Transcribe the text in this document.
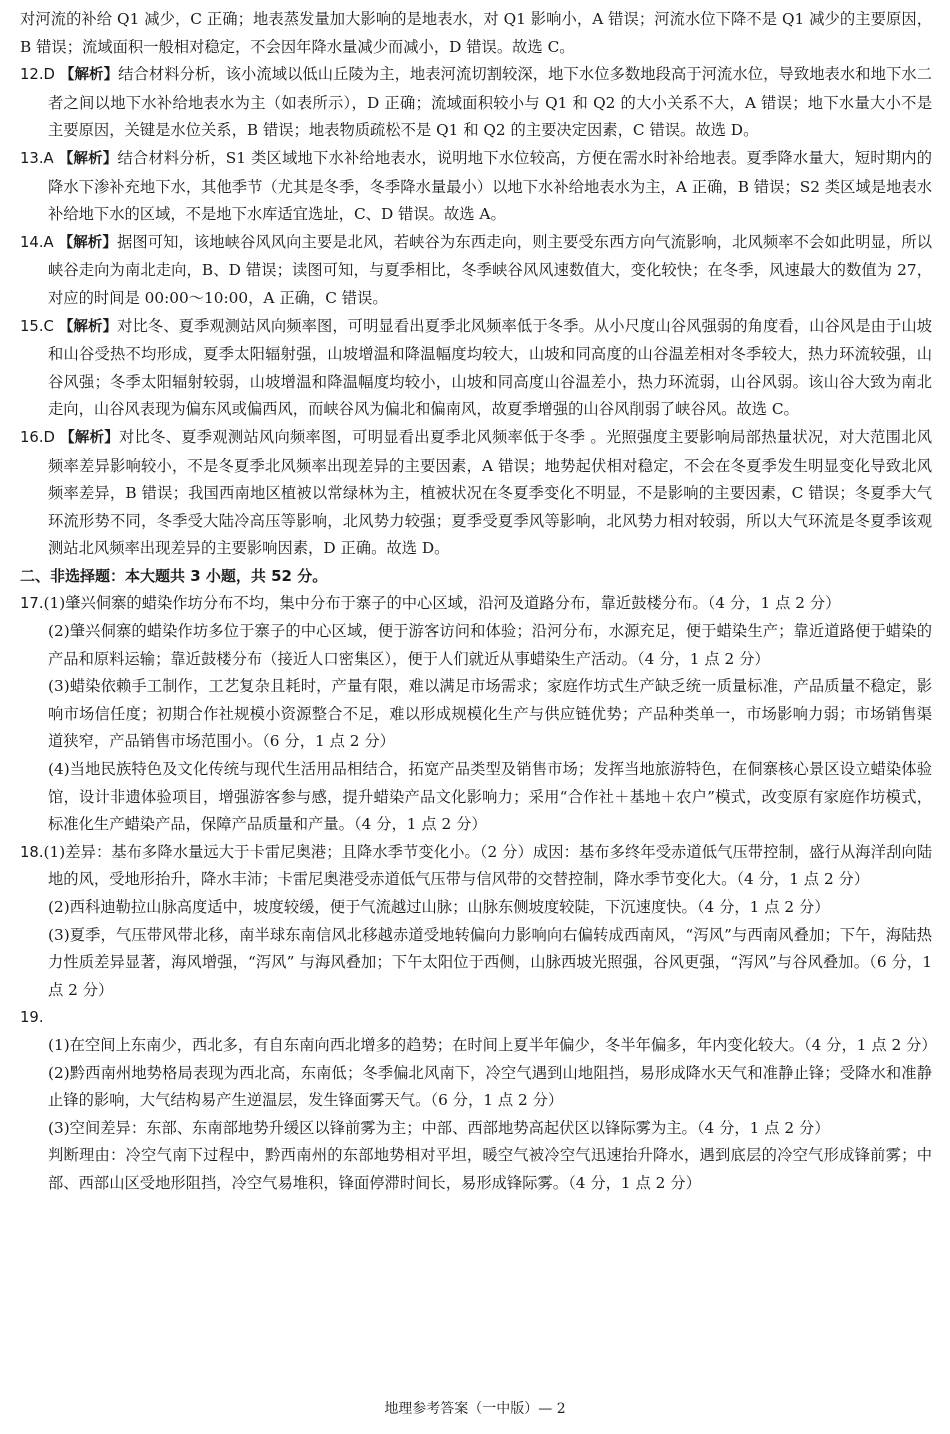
对河流的补给 Q1 减少，C 正确；地表蒸发量加大影响的是地表水，对 Q1 影响小，A 错误；河流水位下降不是 Q1 减少的主要原因，B 错误；流域面积一般相对稳定，不会因年降水量减少而减小，D 错误。故选 C。
12.D 【解析】结合材料分析，该小流域以低山丘陵为主，地表河流切割较深，地下水位多数地段高于河流水位，导致地表水和地下水二者之间以地下水补给地表水为主（如表所示），D 正确；流域面积较小与 Q1 和 Q2 的大小关系不大，A 错误；地下水量大小不是主要原因，关键是水位关系，B 错误；地表物质疏松不是 Q1 和 Q2 的主要决定因素，C 错误。故选 D。
13.A 【解析】结合材料分析，S1 类区域地下水补给地表水，说明地下水位较高，方便在需水时补给地表。夏季降水量大，短时期内的降水下渗补充地下水，其他季节（尤其是冬季，冬季降水量最小）以地下水补给地表水为主，A 正确，B 错误；S2 类区域是地表水补给地下水的区域，不是地下水库适宜选址，C、D 错误。故选 A。
14.A 【解析】据图可知，该地峡谷风风向主要是北风，若峡谷为东西走向，则主要受东西方向气流影响，北风频率不会如此明显，所以峡谷走向为南北走向，B、D 错误；读图可知，与夏季相比，冬季峡谷风风速数值大，变化较快；在冬季，风速最大的数值为 27，对应的时间是 00:00～10:00，A 正确，C 错误。
15.C 【解析】对比冬、夏季观测站风向频率图，可明显看出夏季北风频率低于冬季。从小尺度山谷风强弱的角度看，山谷风是由于山坡和山谷受热不均形成，夏季太阳辐射强，山坡增温和降温幅度均较大，山坡和同高度的山谷温差相对冬季较大，热力环流较强，山谷风强；冬季太阳辐射较弱，山坡增温和降温幅度均较小，山坡和同高度山谷温差小，热力环流弱，山谷风弱。该山谷大致为南北走向，山谷风表现为偏东风或偏西风，而峡谷风为偏北和偏南风，故夏季增强的山谷风削弱了峡谷风。故选 C。
16.D 【解析】对比冬、夏季观测站风向频率图，可明显看出夏季北风频率低于冬季 。光照强度主要影响局部热量状况，对大范围北风频率差异影响较小，不是冬夏季北风频率出现差异的主要因素，A 错误；地势起伏相对稳定，不会在冬夏季发生明显变化导致北风频率差异，B 错误；我国西南地区植被以常绿林为主，植被状况在冬夏季变化不明显，不是影响的主要因素，C 错误；冬夏季大气环流形势不同，冬季受大陆冷高压等影响，北风势力较强；夏季受夏季风等影响，北风势力相对较弱，所以大气环流是冬夏季该观测站北风频率出现差异的主要影响因素，D 正确。故选 D。
二、非选择题：本大题共 3 小题，共 52 分。
17.(1)肇兴侗寨的蜡染作坊分布不均，集中分布于寨子的中心区域，沿河及道路分布，靠近鼓楼分布。（4 分，1 点 2 分）
(2)肇兴侗寨的蜡染作坊多位于寨子的中心区域，便于游客访问和体验；沿河分布，水源充足，便于蜡染生产；靠近道路便于蜡染的产品和原料运输；靠近鼓楼分布（接近人口密集区），便于人们就近从事蜡染生产活动。（4 分，1 点 2 分）
(3)蜡染依赖手工制作，工艺复杂且耗时，产量有限，难以满足市场需求；家庭作坊式生产缺乏统一质量标准，产品质量不稳定，影响市场信任度；初期合作社规模小资源整合不足，难以形成规模化生产与供应链优势；产品种类单一，市场影响力弱；市场销售渠道狭窄，产品销售市场范围小。（6 分，1 点 2 分）
(4)当地民族特色及文化传统与现代生活用品相结合，拓宽产品类型及销售市场；发挥当地旅游特色，在侗寨核心景区设立蜡染体验馆，设计非遗体验项目，增强游客参与感，提升蜡染产品文化影响力；采用“合作社＋基地＋农户”模式，改变原有家庭作坊模式，标准化生产蜡染产品，保障产品质量和产量。（4 分，1 点 2 分）
18.(1)差异：基布多降水量远大于卡雷尼奥港；且降水季节变化小。（2 分）成因：基布多终年受赤道低气压带控制，盛行从海洋刮向陆地的风，受地形抬升，降水丰沛；卡雷尼奥港受赤道低气压带与信风带的交替控制，降水季节变化大。（4 分，1 点 2 分）
(2)西科迪勒拉山脉高度适中，坡度较缓，便于气流越过山脉；山脉东侧坡度较陡，下沉速度快。（4 分，1 点 2 分）
(3)夏季，气压带风带北移，南半球东南信风北移越赤道受地转偏向力影响向右偏转成西南风，“泻风”与西南风叠加；下午，海陆热力性质差异显著，海风增强，“泻风” 与海风叠加；下午太阳位于西侧，山脉西坡光照强，谷风更强，“泻风”与谷风叠加。（6 分，1 点 2 分）
19.(1)在空间上东南少，西北多，有自东南向西北增多的趋势；在时间上夏半年偏少，冬半年偏多，年内变化较大。（4 分，1 点 2 分）
(2)黔西南州地势格局表现为西北高，东南低；冬季偏北风南下，冷空气遇到山地阻挡，易形成降水天气和准静止锋；受降水和准静止锋的影响，大气结构易产生逆温层，发生锋面雾天气。（6 分，1 点 2 分）
(3)空间差异：东部、东南部地势升缓区以锋前雾为主；中部、西部地势高起伏区以锋际雾为主。（4 分，1 点 2 分）
判断理由：冷空气南下过程中，黔西南州的东部地势相对平坦，暖空气被冷空气迅速抬升降水，遇到底层的冷空气形成锋前雾；中部、西部山区受地形阻挡，冷空气易堆积，锋面停滞时间长，易形成锋际雾。（4 分，1 点 2 分）
地理参考答案（一中版）— 2
